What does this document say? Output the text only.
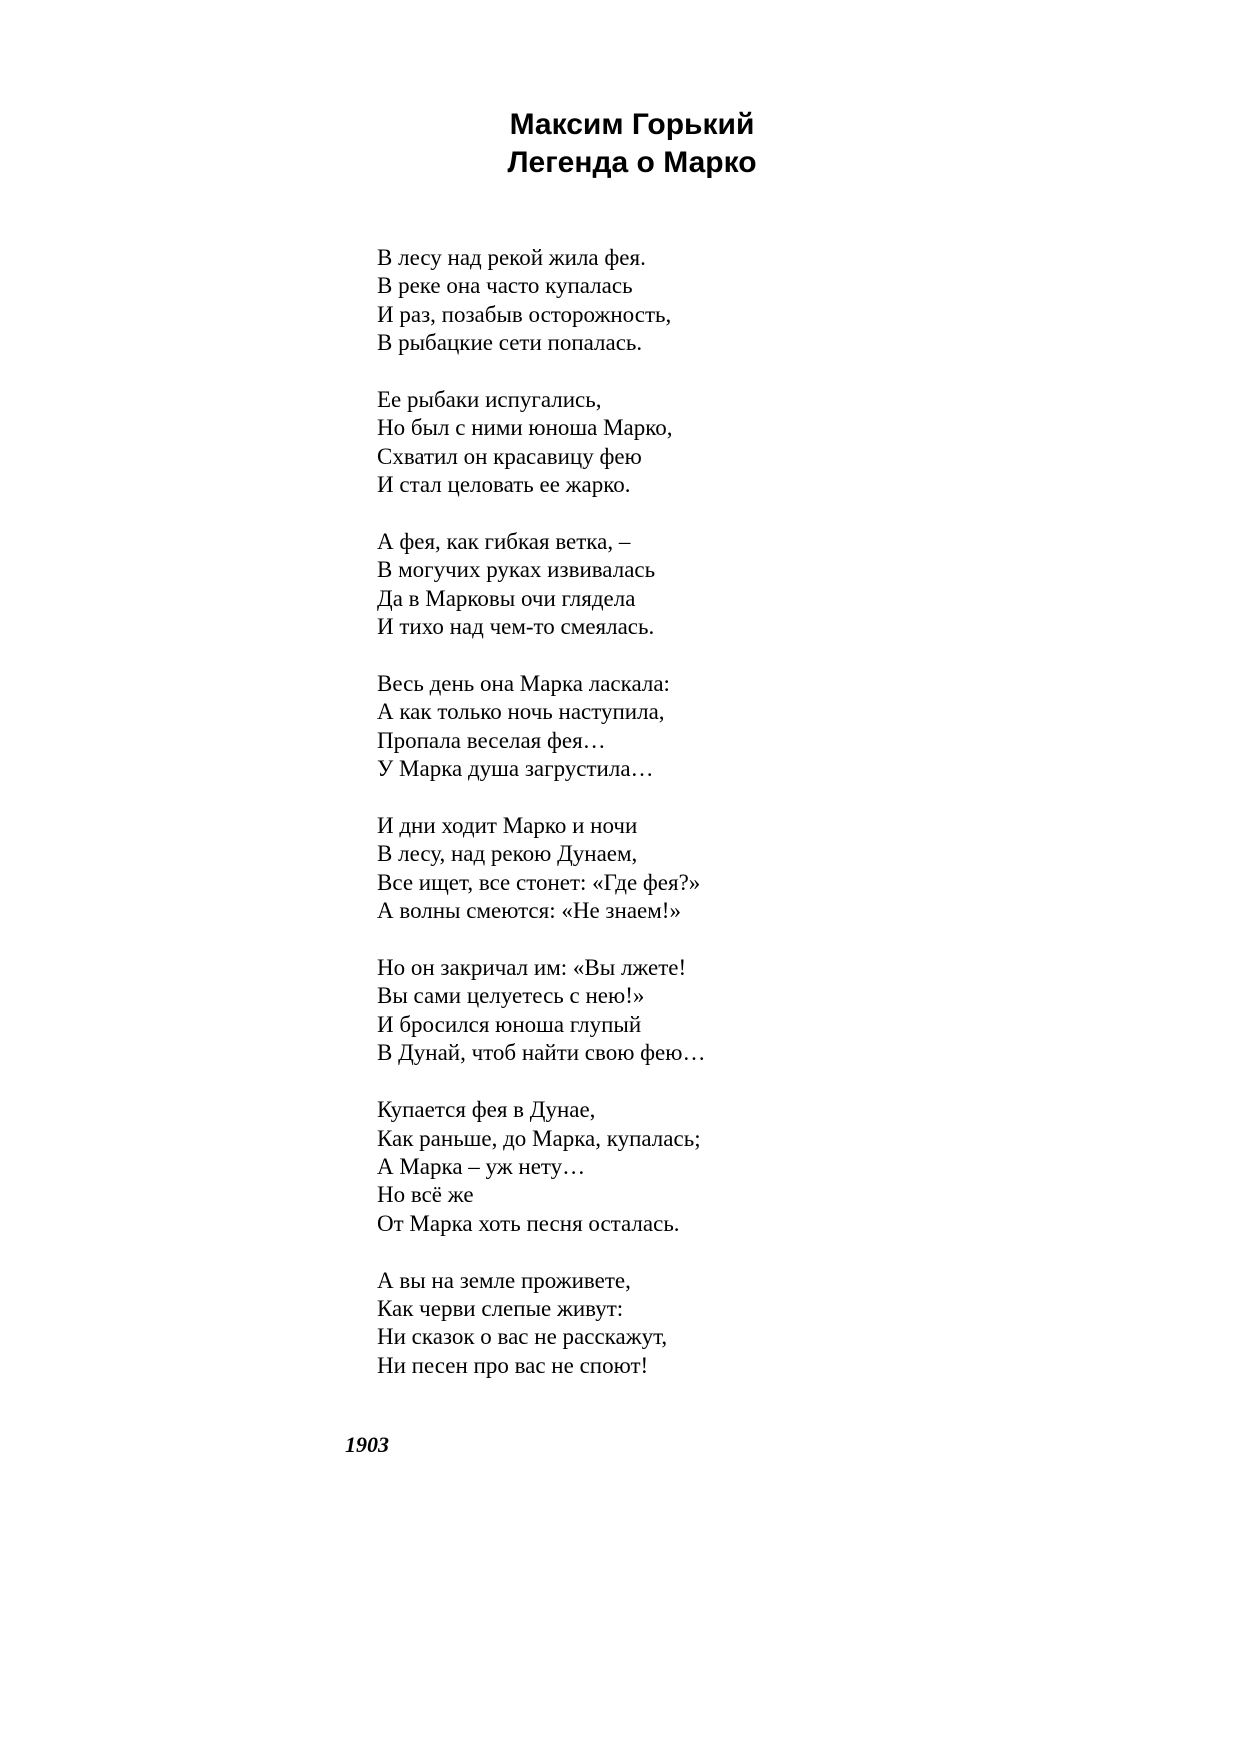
Максим Горький
Легенда о Марко
В лесу над рекой жила фея.
В реке она часто купалась
И раз, позабыв осторожность,
В рыбацкие сети попалась.
Ее рыбаки испугались,
Но был с ними юноша Марко,
Схватил он красавицу фею
И стал целовать ее жарко.
А фея, как гибкая ветка, –
В могучих руках извивалась
Да в Марковы очи глядела
И тихо над чем-то смеялась.
Весь день она Марка ласкала:
А как только ночь наступила,
Пропала веселая фея…
У Марка душа загрустила…
И дни ходит Марко и ночи
В лесу, над рекою Дунаем,
Все ищет, все стонет: «Где фея?»
А волны смеются: «Не знаем!»
Но он закричал им: «Вы лжете!
Вы сами целуетесь с нею!»
И бросился юноша глупый
В Дунай, чтоб найти свою фею…
Купается фея в Дунае,
Как раньше, до Марка, купалась;
А Марка – уж нету…
Но всё же
От Марка хоть песня осталась.
А вы на земле проживете,
Как черви слепые живут:
Ни сказок о вас не расскажут,
Ни песен про вас не споют!
1903
